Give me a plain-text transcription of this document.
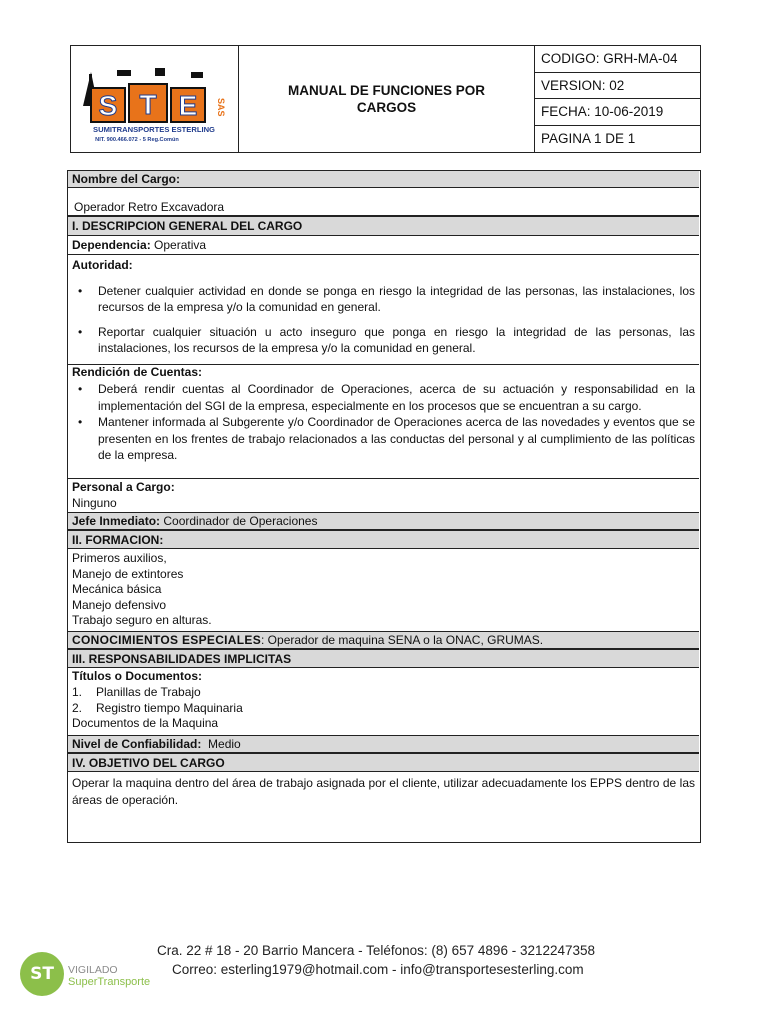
S T E SAS
SUMITRANSPORTES ESTERLING
NIT. 900.466.072 - 5 Reg.Común
MANUAL DE FUNCIONES POR
CARGOS
CODIGO: GRH-MA-04
VERSION: 02
FECHA: 10-06-2019
PAGINA 1 DE 1
Nombre del Cargo:
Operador Retro Excavadora
I. DESCRIPCION GENERAL DEL CARGO
Dependencia: Operativa
Autoridad:
• Detener cualquier actividad en donde se ponga en riesgo la integridad de las personas, las instalaciones, los recursos de la empresa y/o la comunidad en general.
• Reportar cualquier situación u acto inseguro que ponga en riesgo la integridad de las personas, las instalaciones, los recursos de la empresa y/o la comunidad en general.
Rendición de Cuentas:
• Deberá rendir cuentas al Coordinador de Operaciones, acerca de su actuación y responsabilidad en la implementación del SGI de la empresa, especialmente en los procesos que se encuentran a su cargo.
• Mantener informada al Subgerente y/o Coordinador de Operaciones acerca de las novedades y eventos que se presenten en los frentes de trabajo relacionados a las conductas del personal y al cumplimiento de las políticas de la empresa.
Personal a Cargo:
Ninguno
Jefe Inmediato: Coordinador de Operaciones
II. FORMACION:
Primeros auxilios,
Manejo de extintores
Mecánica básica
Manejo defensivo
Trabajo seguro en alturas.
CONOCIMIENTOS ESPECIALES: Operador de maquina SENA o la ONAC, GRUMAS.
III. RESPONSABILIDADES IMPLICITAS
Títulos o Documentos:
1.	Planillas de Trabajo
2.	Registro tiempo Maquinaria
Documentos de la Maquina
Nivel de Confiabilidad:  Medio
IV. OBJETIVO DEL CARGO
Operar la maquina dentro del área de trabajo asignada por el cliente, utilizar adecuadamente los EPPS dentro de las áreas de operación.
ST	VIGILADO
SuperTransporte
Cra. 22 # 18 - 20 Barrio Mancera - Teléfonos: (8) 657 4896 - 3212247358
Correo: esterling1979@hotmail.com - info@transportesesterling.com
